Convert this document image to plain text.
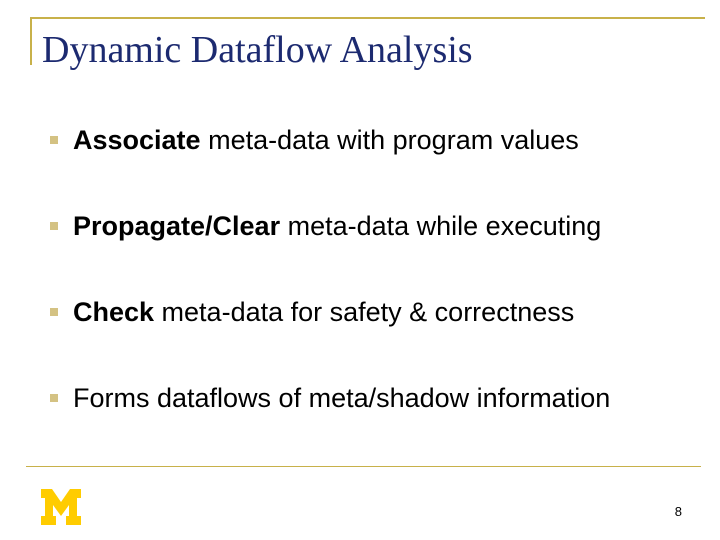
Dynamic Dataflow Analysis
Associate meta-data with program values
Propagate/Clear meta-data while executing
Check meta-data for safety & correctness
Forms dataflows of meta/shadow information
8
